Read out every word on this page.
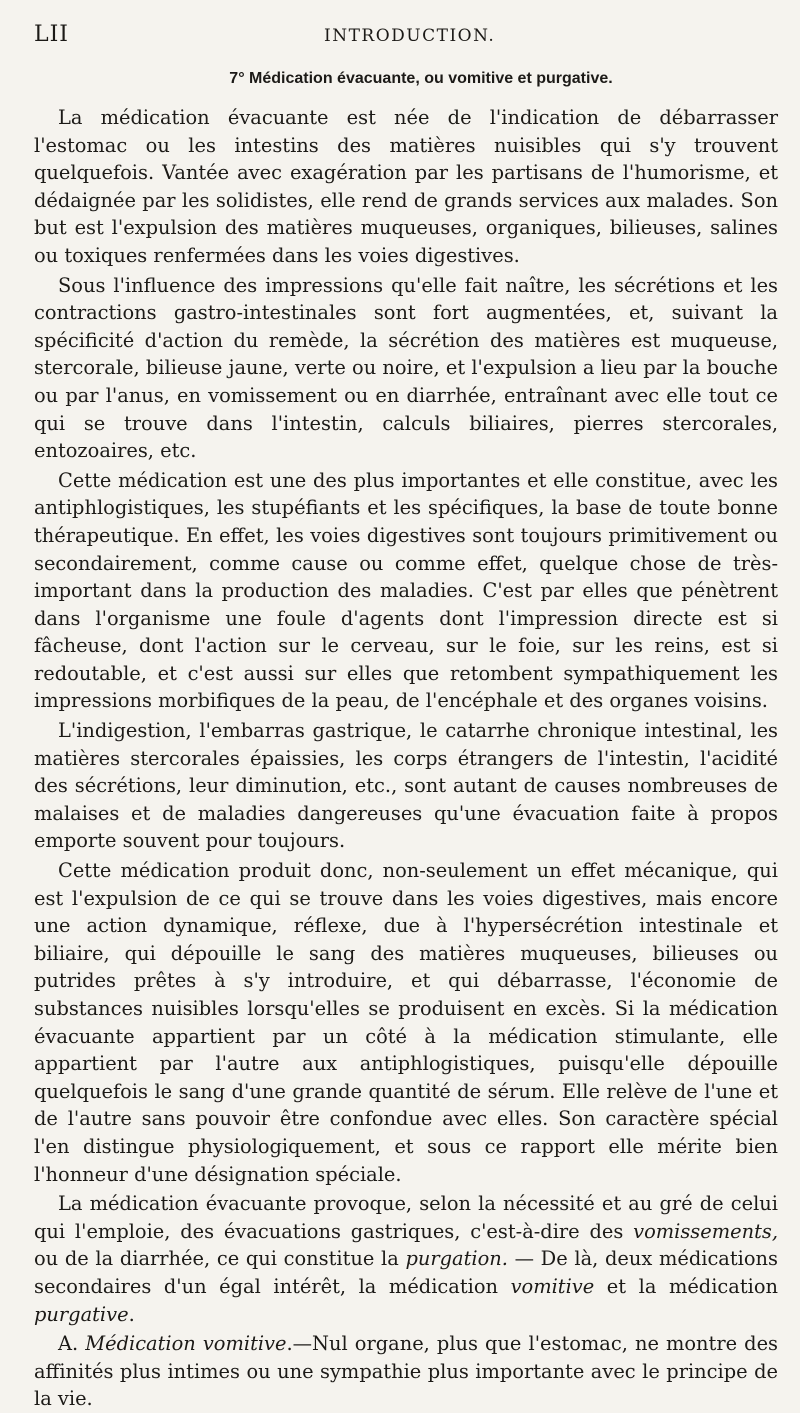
LII	INTRODUCTION.
7° Médication évacuante, ou vomitive et purgative.

La médication évacuante est née de l'indication de débarrasser l'estomac ou les intestins des matières nuisibles qui s'y trouvent quelquefois. Vantée avec exagération par les partisans de l'humorisme, et dédaignée par les solidistes, elle rend de grands services aux malades. Son but est l'expulsion des matières muqueuses, organiques, bilieuses, salines ou toxiques renfermées dans les voies digestives.

Sous l'influence des impressions qu'elle fait naître, les sécrétions et les contractions gastro-intestinales sont fort augmentées, et, suivant la spécificité d'action du remède, la sécrétion des matières est muqueuse, stercorale, bilieuse jaune, verte ou noire, et l'expulsion a lieu par la bouche ou par l'anus, en vomissement ou en diarrhée, entraînant avec elle tout ce qui se trouve dans l'intestin, calculs biliaires, pierres stercorales, entozoaires, etc.

Cette médication est une des plus importantes et elle constitue, avec les antiphlogistiques, les stupéfiants et les spécifiques, la base de toute bonne thérapeutique. En effet, les voies digestives sont toujours primitivement ou secondairement, comme cause ou comme effet, quelque chose de très-important dans la production des maladies. C'est par elles que pénètrent dans l'organisme une foule d'agents dont l'impression directe est si fâcheuse, dont l'action sur le cerveau, sur le foie, sur les reins, est si redoutable, et c'est aussi sur elles que retombent sympathiquement les impressions morbifiques de la peau, de l'encéphale et des organes voisins.

L'indigestion, l'embarras gastrique, le catarrhe chronique intestinal, les matières stercorales épaissies, les corps étrangers de l'intestin, l'acidité des sécrétions, leur diminution, etc., sont autant de causes nombreuses de malaises et de maladies dangereuses qu'une évacuation faite à propos emporte souvent pour toujours.

Cette médication produit donc, non-seulement un effet mécanique, qui est l'expulsion de ce qui se trouve dans les voies digestives, mais encore une action dynamique, réflexe, due à l'hypersécrétion intestinale et biliaire, qui dépouille le sang des matières muqueuses, bilieuses ou putrides prêtes à s'y introduire, et qui débarrasse, l'économie de substances nuisibles lorsqu'elles se produisent en excès. Si la médication évacuante appartient par un côté à la médication stimulante, elle appartient par l'autre aux antiphlogistiques, puisqu'elle dépouille quelquefois le sang d'une grande quantité de sérum. Elle relève de l'une et de l'autre sans pouvoir être confondue avec elles. Son caractère spécial l'en distingue physiologiquement, et sous ce rapport elle mérite bien l'honneur d'une désignation spéciale.

La médication évacuante provoque, selon la nécessité et au gré de celui qui l'emploie, des évacuations gastriques, c'est-à-dire des vomissements, ou de la diarrhée, ce qui constitue la purgation. — De là, deux médications secondaires d'un égal intérêt, la médication vomitive et la médication purgative.

A. Médication vomitive.—Nul organe, plus que l'estomac, ne montre des affinités plus intimes ou une sympathie plus importante avec le principe de la vie.
